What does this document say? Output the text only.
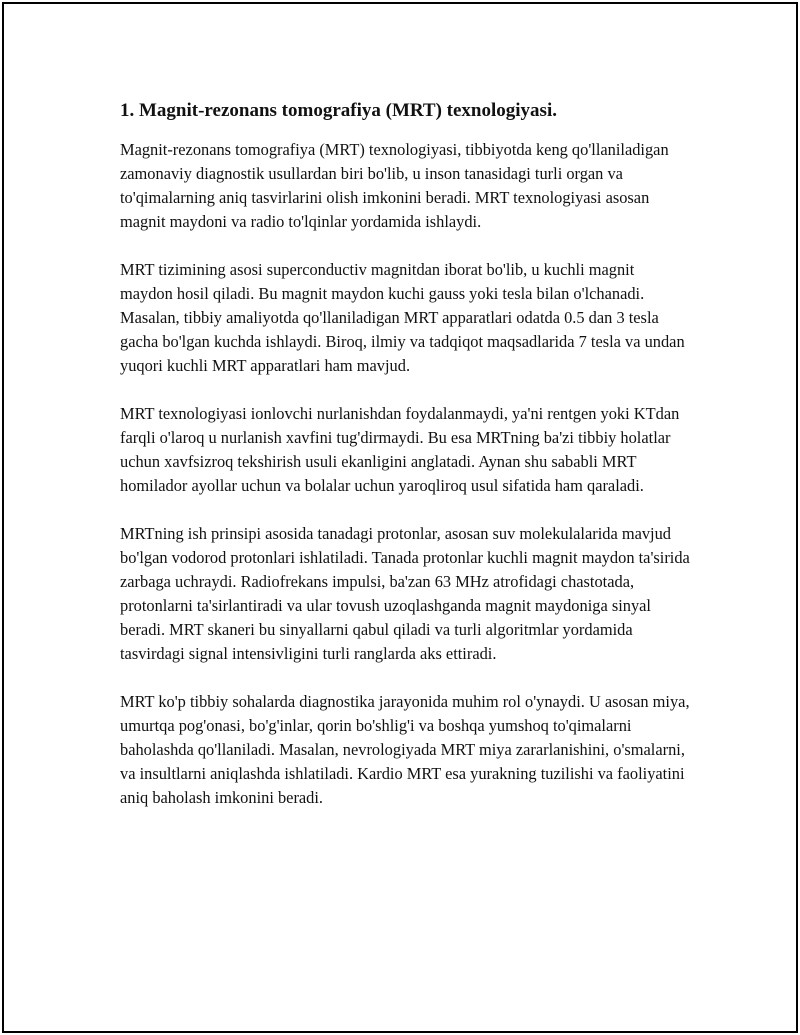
1. Magnit-rezonans tomografiya (MRT) texnologiyasi.

Magnit-rezonans tomografiya (MRT) texnologiyasi, tibbiyotda keng qo'llaniladigan zamonaviy diagnostik usullardan biri bo'lib, u inson tanasidagi turli organ va to'qimalarning aniq tasvirlarini olish imkonini beradi. MRT texnologiyasi asosan magnit maydoni va radio to'lqinlar yordamida ishlaydi.

MRT tizimining asosi superconductiv magnitdan iborat bo'lib, u kuchli magnit maydon hosil qiladi. Bu magnit maydon kuchi gauss yoki tesla bilan o'lchanadi. Masalan, tibbiy amaliyotda qo'llaniladigan MRT apparatlari odatda 0.5 dan 3 tesla gacha bo'lgan kuchda ishlaydi. Biroq, ilmiy va tadqiqot maqsadlarida 7 tesla va undan yuqori kuchli MRT apparatlari ham mavjud.

MRT texnologiyasi ionlovchi nurlanishdan foydalanmaydi, ya'ni rentgen yoki KTdan farqli o'laroq u nurlanish xavfini tug'dirmaydi. Bu esa MRTning ba'zi tibbiy holatlar uchun xavfsizroq tekshirish usuli ekanligini anglatadi. Aynan shu sababli MRT homilador ayollar uchun va bolalar uchun yaroqliroq usul sifatida ham qaraladi.

MRTning ish prinsipi asosida tanadagi protonlar, asosan suv molekulalarida mavjud bo'lgan vodorod protonlari ishlatiladi. Tanada protonlar kuchli magnit maydon ta'sirida zarbaga uchraydi. Radiofrekans impulsi, ba'zan 63 MHz atrofidagi chastotada, protonlarni ta'sirlantiradi va ular tovush uzoqlashganda magnit maydoniga sinyal beradi. MRT skaneri bu sinyallarni qabul qiladi va turli algoritmlar yordamida tasvirdagi signal intensivligini turli ranglarda aks ettiradi.

MRT ko'p tibbiy sohalarda diagnostika jarayonida muhim rol o'ynaydi. U asosan miya, umurtqa pog'onasi, bo'g'inlar, qorin bo'shlig'i va boshqa yumshoq to'qimalarni baholashda qo'llaniladi. Masalan, nevrologiyada MRT miya zararlanishini, o'smalarni, va insultlarni aniqlashda ishlatiladi. Kardio MRT esa yurakning tuzilishi va faoliyatini aniq baholash imkonini beradi.
